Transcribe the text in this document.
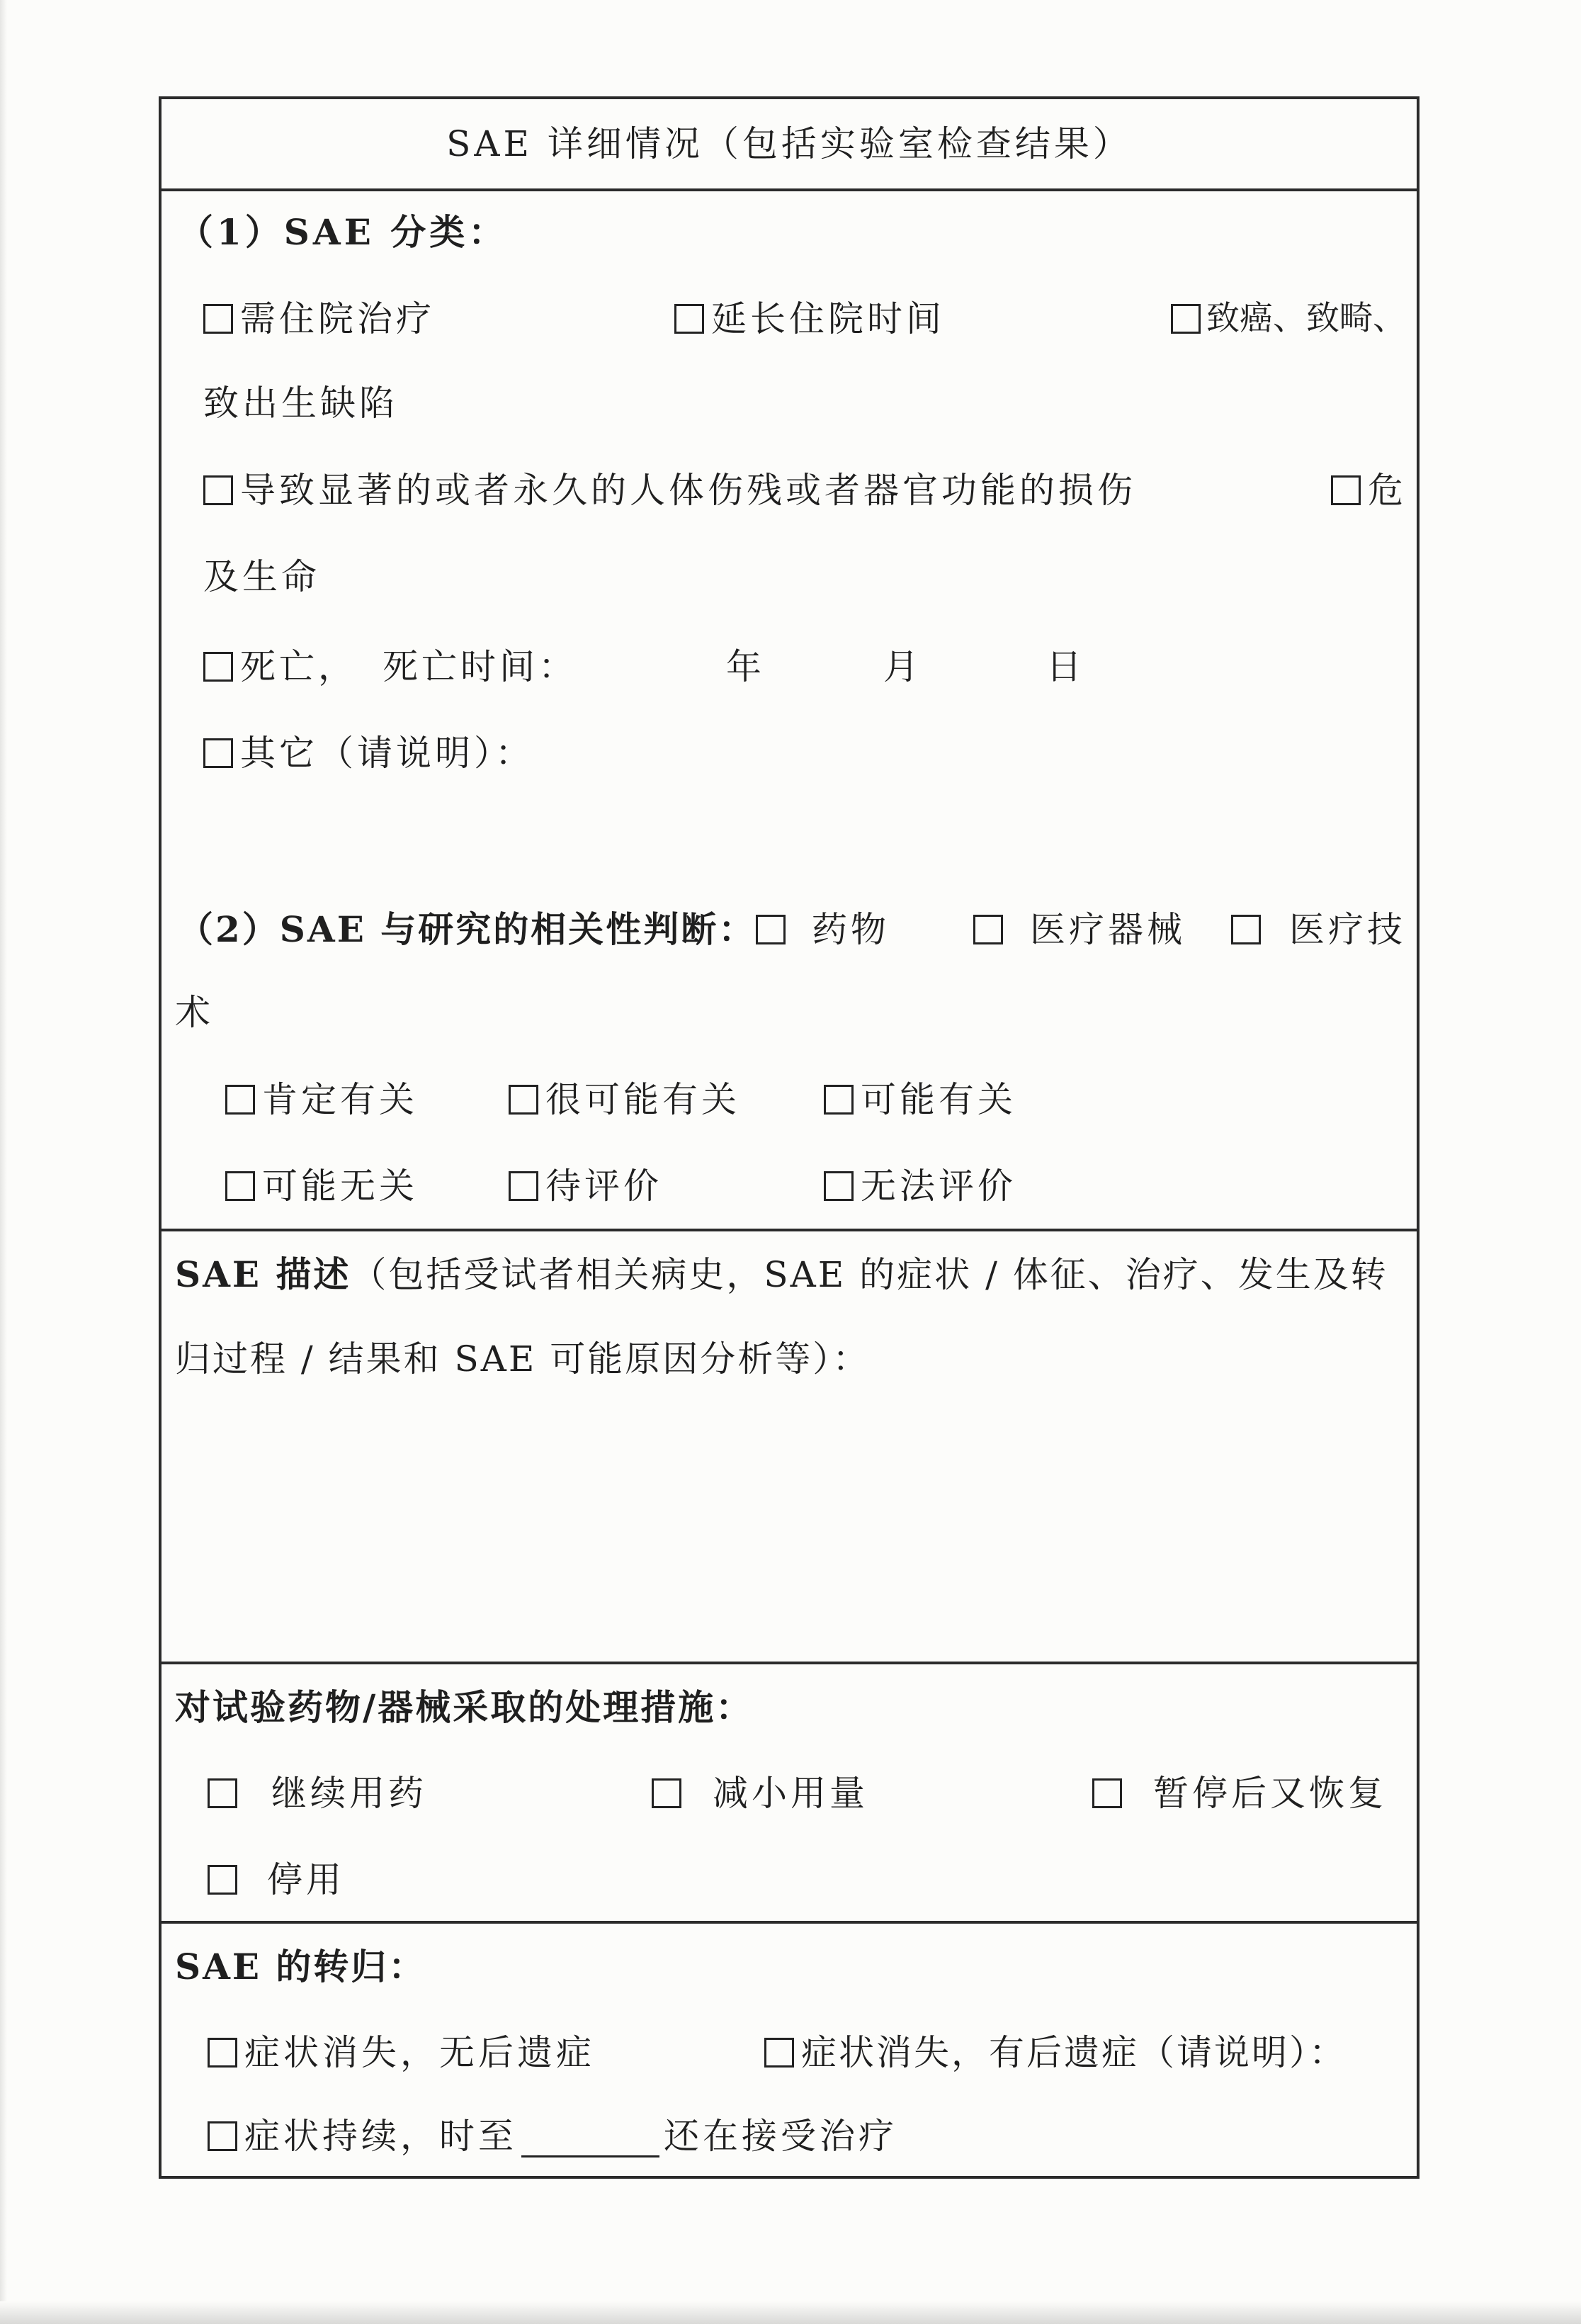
SAE 详细情况（包括实验室检查结果）
（1）SAE 分类：
需住院治疗	延长住院时间	致癌、致畸、
致出生缺陷
导致显著的或者永久的人体伤残或者器官功能的损伤	危
及生命
死亡， 死亡时间：	年	月	日
其它（请说明）：
（2）SAE 与研究的相关性判断： 药物	医疗器械	医疗技
术
肯定有关	很可能有关	可能有关
可能无关	待评价	无法评价
SAE 描述（包括受试者相关病史，SAE 的症状 / 体征、治疗、发生及转
归过程 / 结果和 SAE 可能原因分析等）：
对试验药物/器械采取的处理措施：
继续用药	减小用量	暂停后又恢复
停用
SAE 的转归：
症状消失，无后遗症	症状消失，有后遗症（请说明）：
症状持续，时至	还在接受治疗
